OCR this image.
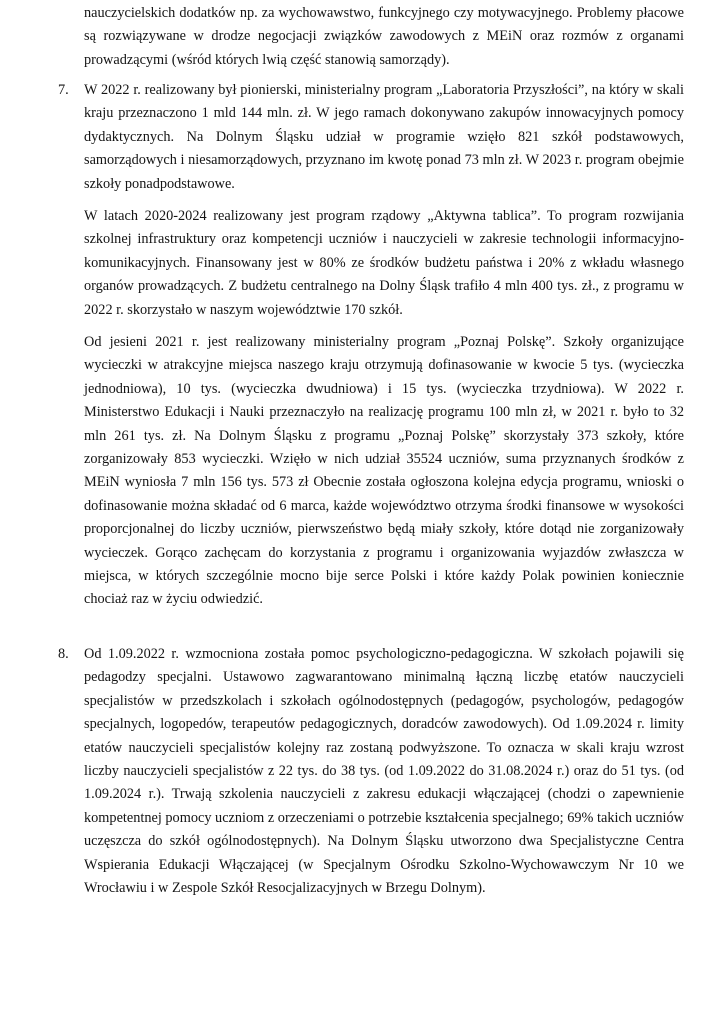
nauczycielskich dodatków np. za wychowawstwo, funkcyjnego czy motywacyjnego. Problemy płacowe są rozwiązywane w drodze negocjacji związków zawodowych z MEiN oraz rozmów z organami prowadzącymi (wśród których lwią część stanowią samorządy).

7. W 2022 r. realizowany był pionierski, ministerialny program „Laboratoria Przyszłości”, na który w skali kraju przeznaczono 1 mld 144 mln. zł. W jego ramach dokonywano zakupów innowacyjnych pomocy dydaktycznych. Na Dolnym Śląsku udział w programie wzięło 821 szkół podstawowych, samorządowych i niesamorządowych, przyznano im kwotę ponad 73 mln zł. W 2023 r. program obejmie szkoły ponadpodstawowe.

W latach 2020-2024 realizowany jest program rządowy „Aktywna tablica”. To program rozwijania szkolnej infrastruktury oraz kompetencji uczniów i nauczycieli w zakresie technologii informacyjno-komunikacyjnych. Finansowany jest w 80% ze środków budżetu państwa i 20% z wkładu własnego organów prowadzących. Z budżetu centralnego na Dolny Śląsk trafiło 4 mln 400 tys. zł., z programu w 2022 r. skorzystało w naszym województwie 170 szkół.

Od jesieni 2021 r. jest realizowany ministerialny program „Poznaj Polskę”. Szkoły organizujące wycieczki w atrakcyjne miejsca naszego kraju otrzymują dofinasowanie w kwocie 5 tys. (wycieczka jednodniowa), 10 tys. (wycieczka dwudniowa) i 15 tys. (wycieczka trzydniowa). W 2022 r. Ministerstwo Edukacji i Nauki przeznaczyło na realizację programu 100 mln zł, w 2021 r. było to 32 mln 261 tys. zł. Na Dolnym Śląsku z programu „Poznaj Polskę” skorzystały 373 szkoły, które zorganizowały 853 wycieczki. Wzięło w nich udział 35524 uczniów, suma przyznanych środków z MEiN wyniosła 7 mln 156 tys. 573 zł Obecnie została ogłoszona kolejna edycja programu, wnioski o dofinasowanie można składać od 6 marca, każde województwo otrzyma środki finansowe w wysokości proporcjonalnej do liczby uczniów, pierwszeństwo będą miały szkoły, które dotąd nie zorganizowały wycieczek. Gorąco zachęcam do korzystania z programu i organizowania wyjazdów zwłaszcza w miejsca, w których szczególnie mocno bije serce Polski i które każdy Polak powinien koniecznie chociaż raz w życiu odwiedzić.

8. Od 1.09.2022 r. wzmocniona została pomoc psychologiczno-pedagogiczna. W szkołach pojawili się pedagodzy specjalni. Ustawowo zagwarantowano minimalną łączną liczbę etatów nauczycieli specjalistów w przedszkolach i szkołach ogólnodostępnych (pedagogów, psychologów, pedagogów specjalnych, logopedów, terapeutów pedagogicznych, doradców zawodowych). Od 1.09.2024 r. limity etatów nauczycieli specjalistów kolejny raz zostaną podwyższone. To oznacza w skali kraju wzrost liczby nauczycieli specjalistów z 22 tys. do 38 tys. (od 1.09.2022 do 31.08.2024 r.) oraz do 51 tys. (od 1.09.2024 r.). Trwają szkolenia nauczycieli z zakresu edukacji włączającej (chodzi o zapewnienie kompetentnej pomocy uczniom z orzeczeniami o potrzebie kształcenia specjalnego; 69% takich uczniów uczęszcza do szkół ogólnodostępnych). Na Dolnym Śląsku utworzono dwa Specjalistyczne Centra Wspierania Edukacji Włączającej (w Specjalnym Ośrodku Szkolno-Wychowawczym Nr 10 we Wrocławiu i w Zespole Szkół Resocjalizacyjnych w Brzegu Dolnym).
